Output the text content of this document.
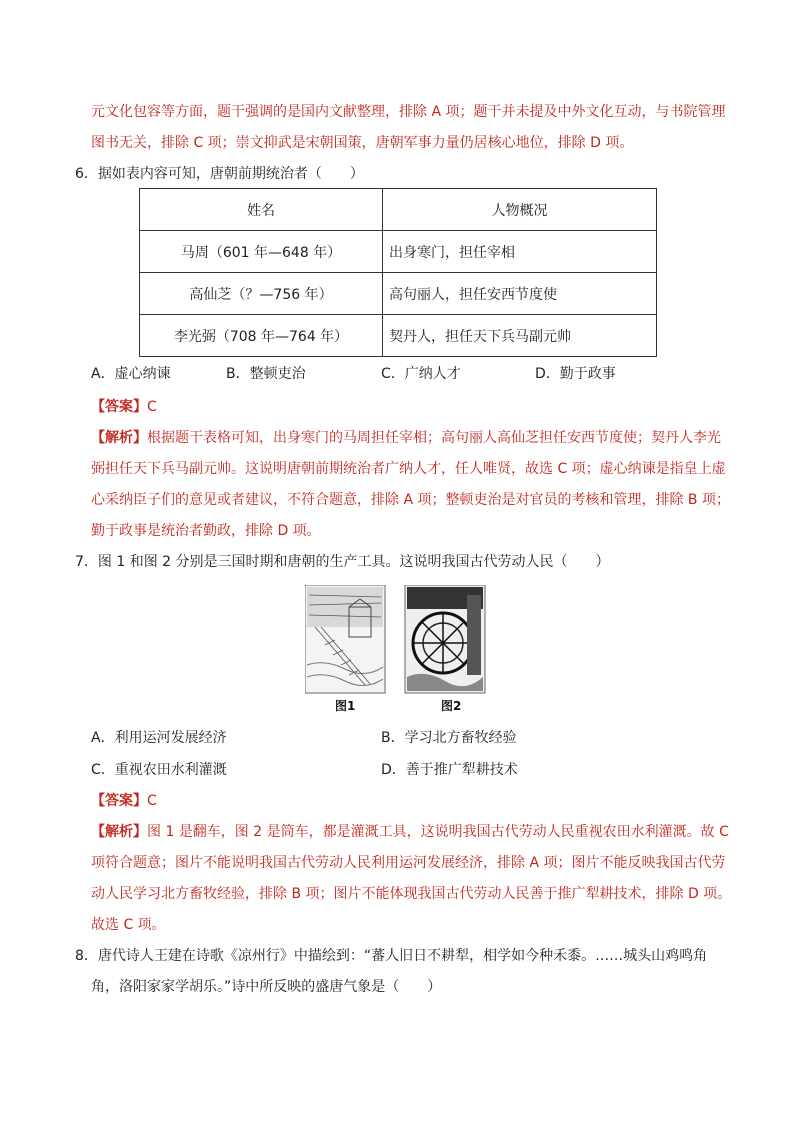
元文化包容等方面，题干强调的是国内文献整理，排除 A 项；题干并未提及中外文化互动，与书院管理
图书无关，排除 C 项；崇文抑武是宋朝国策，唐朝军事力量仍居核心地位，排除 D 项。
6．据如表内容可知，唐朝前期统治者（　　）
姓名	人物概况
马周（601 年—648 年）	出身寒门，担任宰相
高仙芝（？—756 年）	高句丽人，担任安西节度使
李光弼（708 年—764 年）	契丹人，担任天下兵马副元帅
A．虚心纳谏	B．整顿吏治	C．广纳人才	D．勤于政事
【答案】C
【解析】根据题干表格可知，出身寒门的马周担任宰相；高句丽人高仙芝担任安西节度使；契丹人李光
弼担任天下兵马副元帅。这说明唐朝前期统治者广纳人才，任人唯贤，故选 C 项；虚心纳谏是指皇上虚
心采纳臣子们的意见或者建议，不符合题意，排除 A 项；整顿吏治是对官员的考核和管理，排除 B 项；
勤于政事是统治者勤政，排除 D 项。
7．图 1 和图 2 分别是三国时期和唐朝的生产工具。这说明我国古代劳动人民（　　）
图1	图2
A．利用运河发展经济	B．学习北方畜牧经验
C．重视农田水利灌溉	D．善于推广犁耕技术
【答案】C
【解析】图 1 是翻车，图 2 是筒车，都是灌溉工具，这说明我国古代劳动人民重视农田水利灌溉。故 C
项符合题意；图片不能说明我国古代劳动人民利用运河发展经济，排除 A 项；图片不能反映我国古代劳
动人民学习北方畜牧经验，排除 B 项；图片不能体现我国古代劳动人民善于推广犁耕技术，排除 D 项。
故选 C 项。
8．唐代诗人王建在诗歌《凉州行》中描绘到：“蕃人旧日不耕犁，相学如今种禾黍。……城头山鸡鸣角
角，洛阳家家学胡乐。”诗中所反映的盛唐气象是（　　）
